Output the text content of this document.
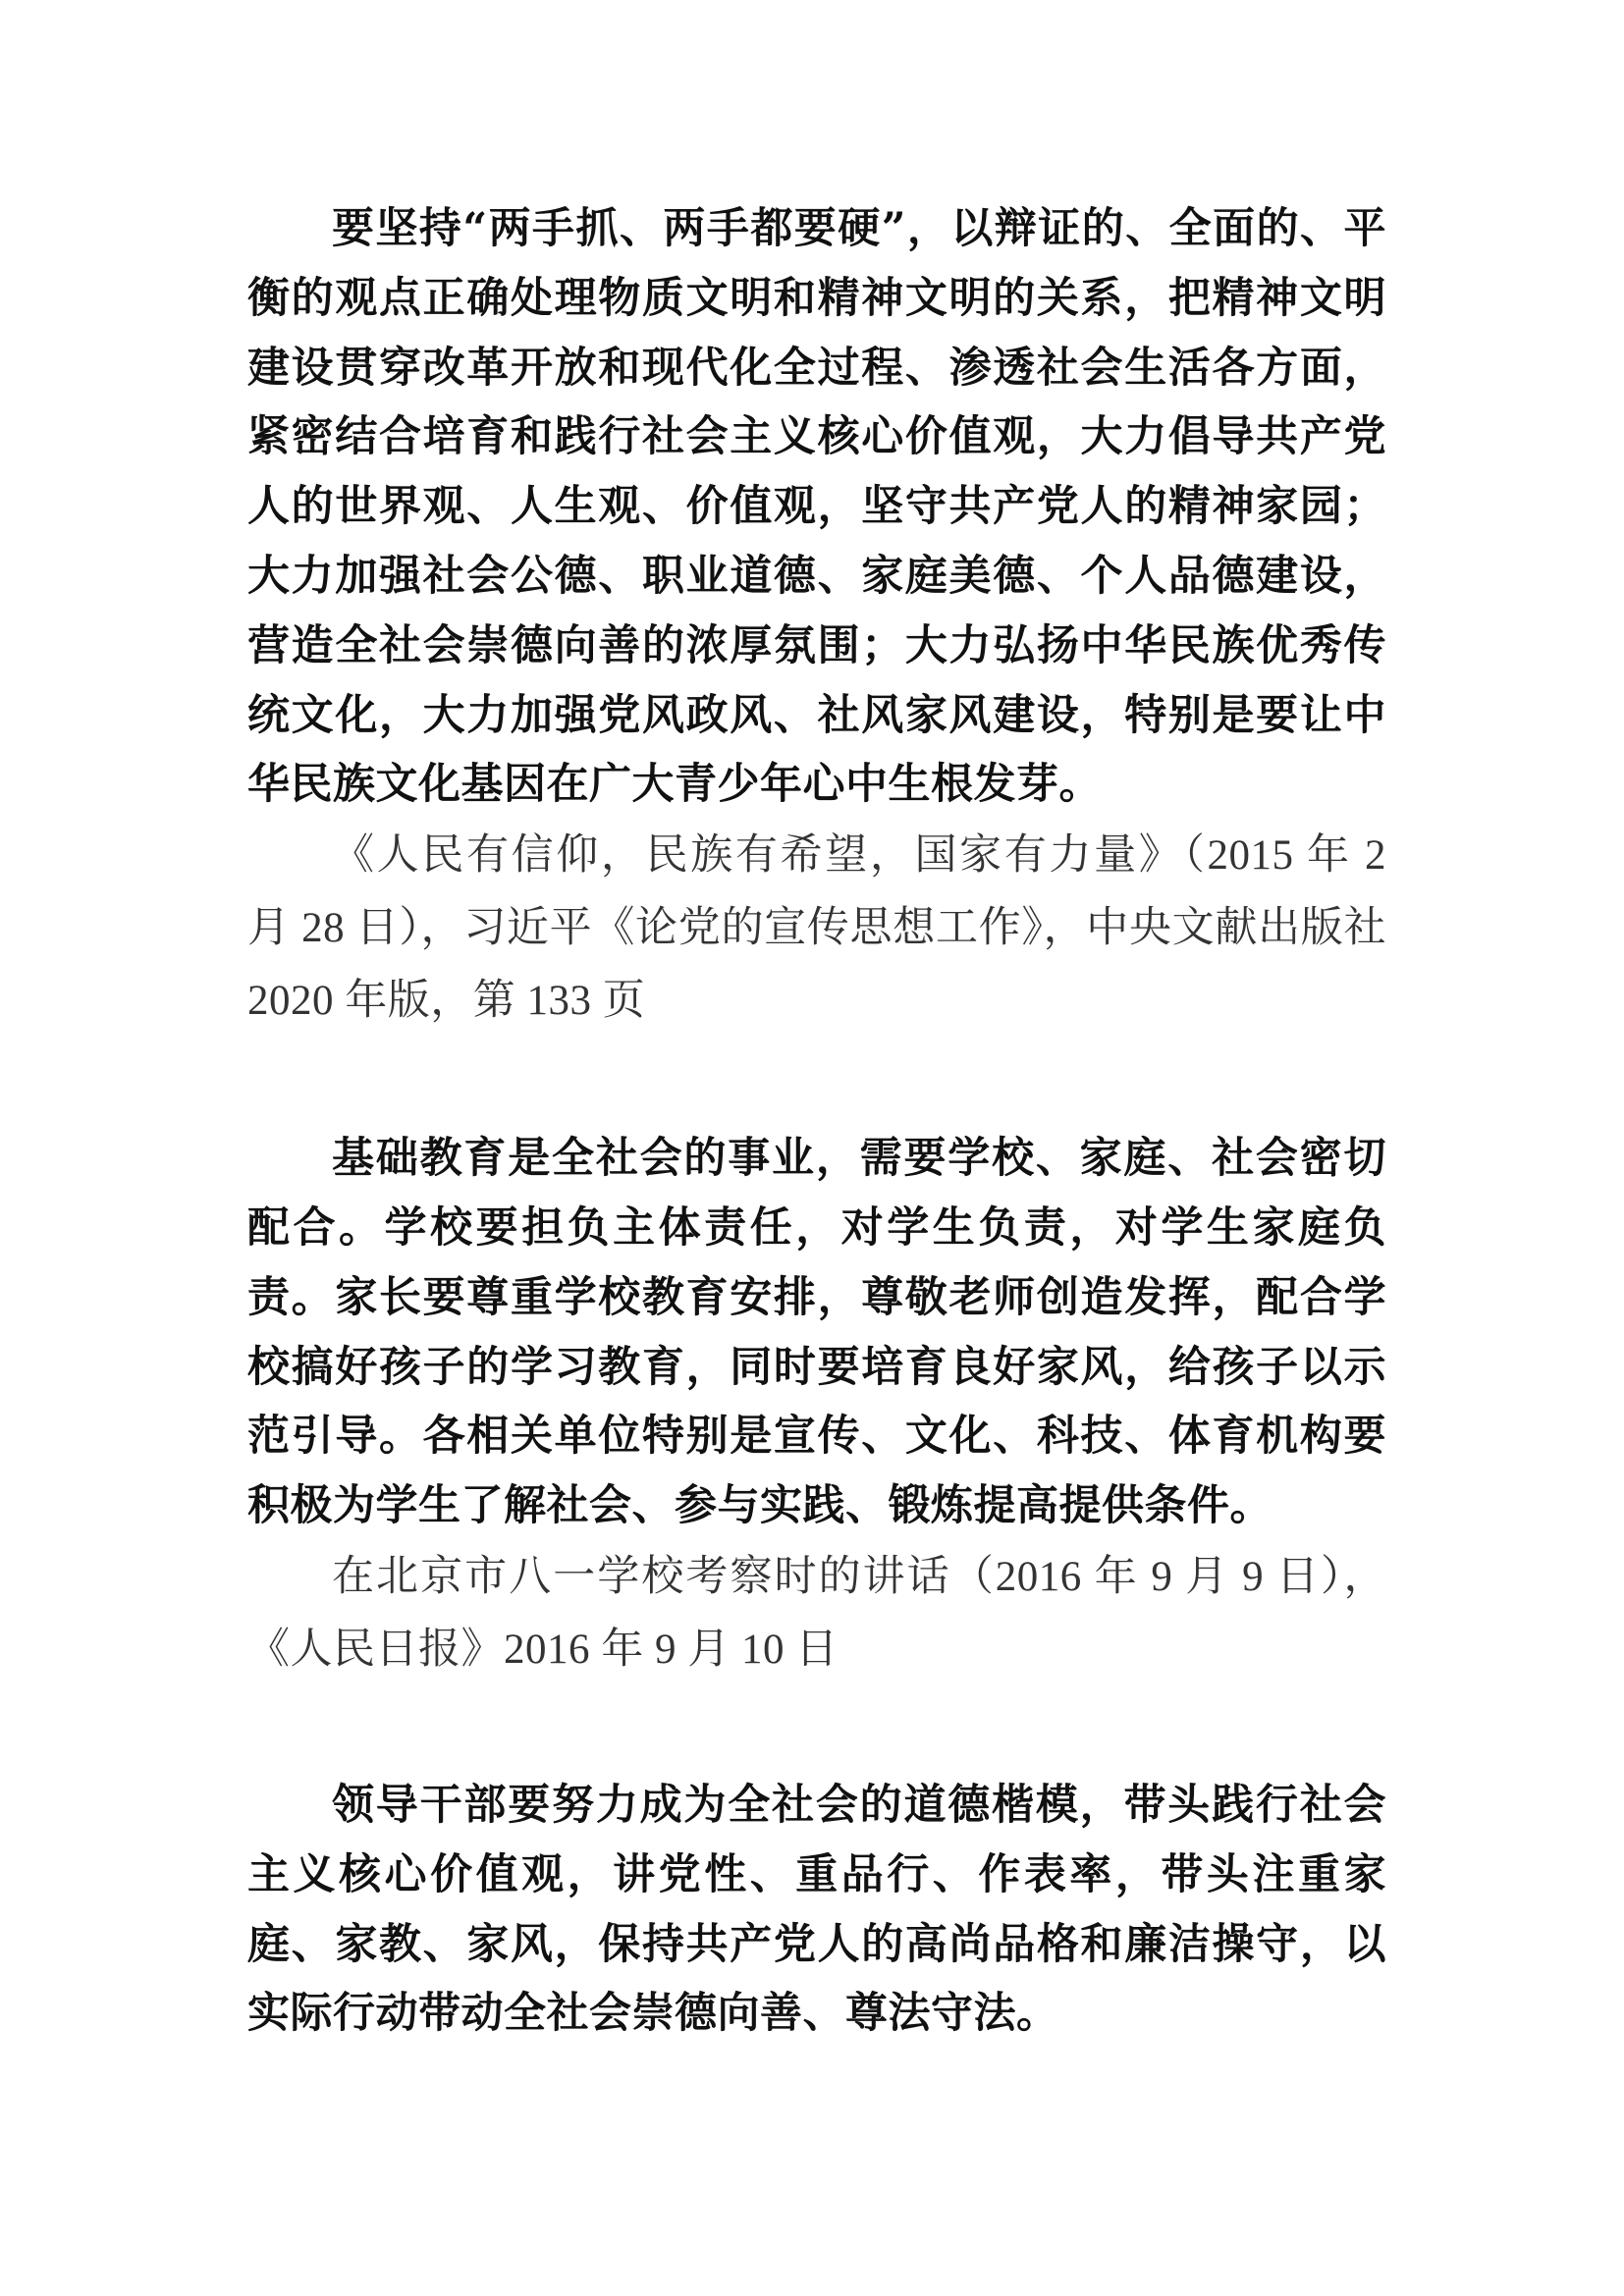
要坚持“两手抓、两手都要硬”，以辩证的、全面的、平衡的观点正确处理物质文明和精神文明的关系，把精神文明建设贯穿改革开放和现代化全过程、渗透社会生活各方面，紧密结合培育和践行社会主义核心价值观，大力倡导共产党人的世界观、人生观、价值观，坚守共产党人的精神家园；大力加强社会公德、职业道德、家庭美德、个人品德建设，营造全社会崇德向善的浓厚氛围；大力弘扬中华民族优秀传统文化，大力加强党风政风、社风家风建设，特别是要让中华民族文化基因在广大青少年心中生根发芽。

《人民有信仰，民族有希望，国家有力量》（2015 年 2 月 28 日），习近平《论党的宣传思想工作》，中央文献出版社 2020 年版，第 133 页

基础教育是全社会的事业，需要学校、家庭、社会密切配合。学校要担负主体责任，对学生负责，对学生家庭负责。家长要尊重学校教育安排，尊敬老师创造发挥，配合学校搞好孩子的学习教育，同时要培育良好家风，给孩子以示范引导。各相关单位特别是宣传、文化、科技、体育机构要积极为学生了解社会、参与实践、锻炼提高提供条件。

在北京市八一学校考察时的讲话（2016 年 9 月 9 日），《人民日报》2016 年 9 月 10 日

领导干部要努力成为全社会的道德楷模，带头践行社会主义核心价值观，讲党性、重品行、作表率，带头注重家庭、家教、家风，保持共产党人的高尚品格和廉洁操守，以实际行动带动全社会崇德向善、尊法守法。
